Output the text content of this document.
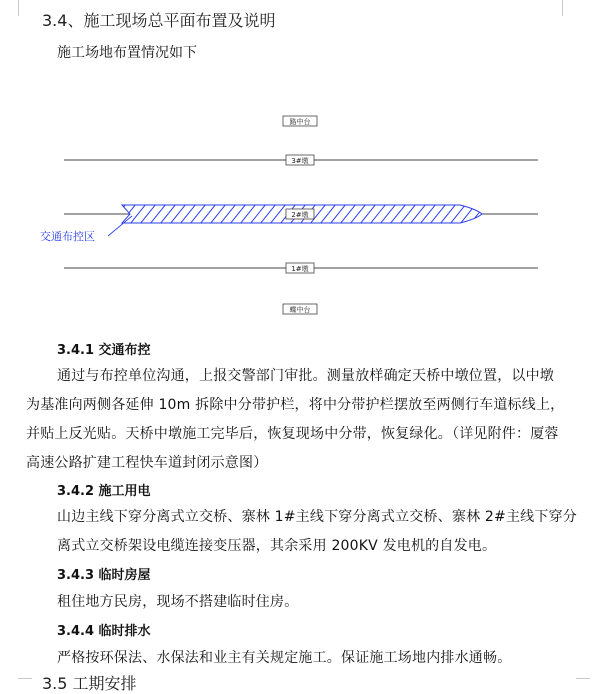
3.4、施工现场总平面布置及说明
施工场地布置情况如下
路中台
3#墩
2#墩
交通布控区
1#墩
蝶中台
3.4.1 交通布控
通过与布控单位沟通，上报交警部门审批。测量放样确定天桥中墩位置，以中墩
为基准向两侧各延伸 10m 拆除中分带护栏，将中分带护栏摆放至两侧行车道标线上，
并贴上反光贴。天桥中墩施工完毕后，恢复现场中分带，恢复绿化。（详见附件：厦蓉
高速公路扩建工程快车道封闭示意图）
3.4.2 施工用电
山边主线下穿分离式立交桥、寨林 1#主线下穿分离式立交桥、寨林 2#主线下穿分
离式立交桥架设电缆连接变压器，其余采用 200KV 发电机的自发电。
3.4.3 临时房屋
租住地方民房，现场不搭建临时住房。
3.4.4 临时排水
严格按环保法、水保法和业主有关规定施工。保证施工场地内排水通畅。
3.5 工期安排
